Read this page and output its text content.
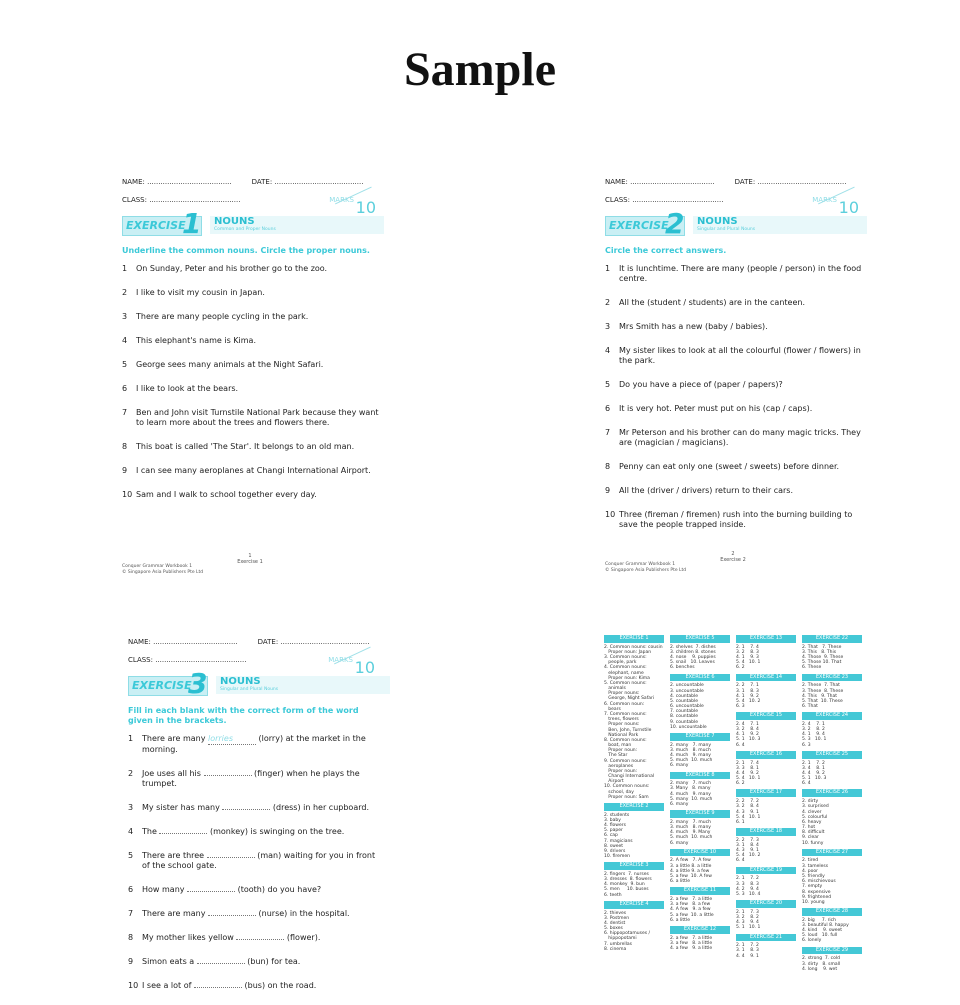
Sample
NAME: ......................................	DATE: ........................................
CLASS: .........................................
EXERCISE
1 NOUNS
Common and Proper Nouns
MARKS 10
Underline the common nouns. Circle the proper nouns.
1	On Sunday, Peter and his brother go to the zoo.
2	I like to visit my cousin in Japan.
3	There are many people cycling in the park.
4	This elephant's name is Kima.
5	George sees many animals at the Night Safari.
6	I like to look at the bears.
7	Ben and John visit Turnstile National Park because they want to learn more about the trees and flowers there.
8	This boat is called 'The Star'. It belongs to an old man.
9	I can see many aeroplanes at Changi International Airport.
10 Sam and I walk to school together every day.
1
Exercise 1
Conquer Grammar Workbook 1
© Singapore Asia Publishers Pte Ltd
NAME: ......................................	DATE: ........................................
CLASS: .........................................
EXERCISE
2 NOUNS
Singular and Plural Nouns
MARKS 10
Circle the correct answers.
1	It is lunchtime. There are many (people / person) in the food centre.
2	All the (student / students) are in the canteen.
3	Mrs Smith has a new (baby / babies).
4	My sister likes to look at all the colourful (flower / flowers) in the park.
5	Do you have a piece of (paper / papers)?
6	It is very hot. Peter must put on his (cap / caps).
7	Mr Peterson and his brother can do many magic tricks. They are (magician / magicians).
8	Penny can eat only one (sweet / sweets) before dinner.
9	All the (driver / drivers) return to their cars.
10 Three (fireman / firemen) rush into the burning building to save the people trapped inside.
2
Exercise 2
Conquer Grammar Workbook 1
© Singapore Asia Publishers Pte Ltd
NAME: ......................................	DATE: ........................................
CLASS: .........................................
EXERCISE
3 NOUNS
Singular and Plural Nouns
MARKS 10
Fill in each blank with the correct form of the word given in the brackets.
1	There are many lorries	(lorry) at the market in the morning.
2	Joe uses all his	(finger) when he plays the trumpet.
3	My sister has many	(dress) in her cupboard.
4	The	(monkey) is swinging on the tree.
5	There are three	(man) waiting for you in front of the school gate.
6	How many	(tooth) do you have?
7	There are many	(nurse) in the hospital.
8	My mother likes yellow	(flower).
9	Simon eats a	(bun) for tea.
10 I see a lot of	(bus) on the road.
EXERCISE 1
2. Common nouns: cousin
Proper noun: Japan
3. Common nouns:
people, park
4. Common nouns:
elephant, name
Proper noun: Kima
5. Common nouns:
animals
Proper nouns:
George, Night Safari
6. Common noun:
bears
7. Common nouns:
trees, flowers
Proper nouns:
Ben, John, Turnstile
National Park
8. Common nouns:
boat, man
Proper noun:
The Star
9. Common nouns:
aeroplanes
Proper noun:
Changi International
Airport
10. Common nouns:
school, day
Proper noun: Sam
EXERCISE 2
2. students
3. baby
4. flowers
5. paper
6. cap
7. magicians
8. sweet
9. drivers
10. firemen
EXERCISE 3
2. fingers  7. nurses
3. dresses  8. flowers
4. monkey  9. bun
5. men     10. buses
6. teeth
EXERCISE 4
2. thieves
3. Postmen
4. dentist
5. boxes
6. hippopotamuses /
hippopotami
7. umbrellas
8. cinema
EXERCISE 5
2. shelves  7. dishes
3. children 8. stones
4. nose    9. puppies
5. snail   10. Leaves
6. benches
EXERCISE 6
2. uncountable
3. uncountable
4. countable
5. countable
6. uncountable
7. countable
8. countable
9. countable
10. uncountable
EXERCISE 7
2. many   7. many
3. much   8. much
4. much   9. many
5. much  10. much
6. many
EXERCISE 8
2. many   7. much
3. Many   8. many
4. much   9. many
5. many  10. much
6. many
EXERCISE 9
2. many   7. much
3. much   8. many
4. much   9. Many
5. much  10. much
6. many
EXERCISE 10
2. A few   7. A few
3. a little 8. a little
4. a little 9. a few
5. a few  10. A few
6. a little
EXERCISE 11
2. a few   7. a little
3. a few   8. a few
4. A few   9. a few
5. a few  10. a little
6. a little
EXERCISE 12
2. a few   7. a little
3. a few   8. a little
4. a few   9. a little
EXERCISE 13
2. 1    7. 4
3. 2    8. 3
4. 1    9. 3
5. 4   10. 1
6. 2
EXERCISE 14
2. 2    7. 1
3. 1    8. 3
4. 1    9. 2
5. 4   10. 2
6. 3
EXERCISE 15
2. 4    7. 1
3. 2    8. 4
4. 1    9. 2
5. 1   10. 3
6. 4
EXERCISE 16
2. 1    7. 4
3. 3    8. 1
4. 4    9. 2
5. 4   10. 1
6. 2
EXERCISE 17
2. 2    7. 2
3. 2    8. 4
4. 3    9. 1
5. 4   10. 1
6. 1
EXERCISE 18
2. 2    7. 3
3. 1    8. 4
4. 3    9. 1
5. 4   10. 2
6. 4
EXERCISE 19
2. 1    7. 2
3. 3    8. 3
4. 2    9. 4
5. 3   10. 4
EXERCISE 20
2. 1    7. 3
3. 2    8. 2
4. 3    9. 4
5. 1   10. 1
EXERCISE 21
2. 1    7. 2
3. 1    8. 3
4. 4    9. 1
EXERCISE 22
2. That   7. These
3. This   8. This
4. Those  9. These
5. Those 10. That
6. These
EXERCISE 23
2. These  7. That
3. These  8. These
4. This   9. That
5. That  10. These
6. That
EXERCISE 24
2. 4    7. 1
3. 2    8. 2
4. 1    9. 4
5. 3   10. 1
6. 3
EXERCISE 25
2. 1    7. 2
3. 4    8. 1
4. 4    9. 2
5. 1   10. 3
6. 4
EXERCISE 26
2. dirty
3. surprised
4. clever
5. colourful
6. heavy
7. hot
8. difficult
9. clear
10. funny
EXERCISE 27
2. tired
3. tameless
4. poor
5. friendly
6. mischievous
7. empty
8. expensive
9. frightened
10. young
EXERCISE 28
2. big     7. rich
3. beautiful 8. happy
4. kind    9. sweet
5. loud   10. full
6. lonely
EXERCISE 29
2. strong  7. cold
3. dirty   8. small
4. long    9. wet
